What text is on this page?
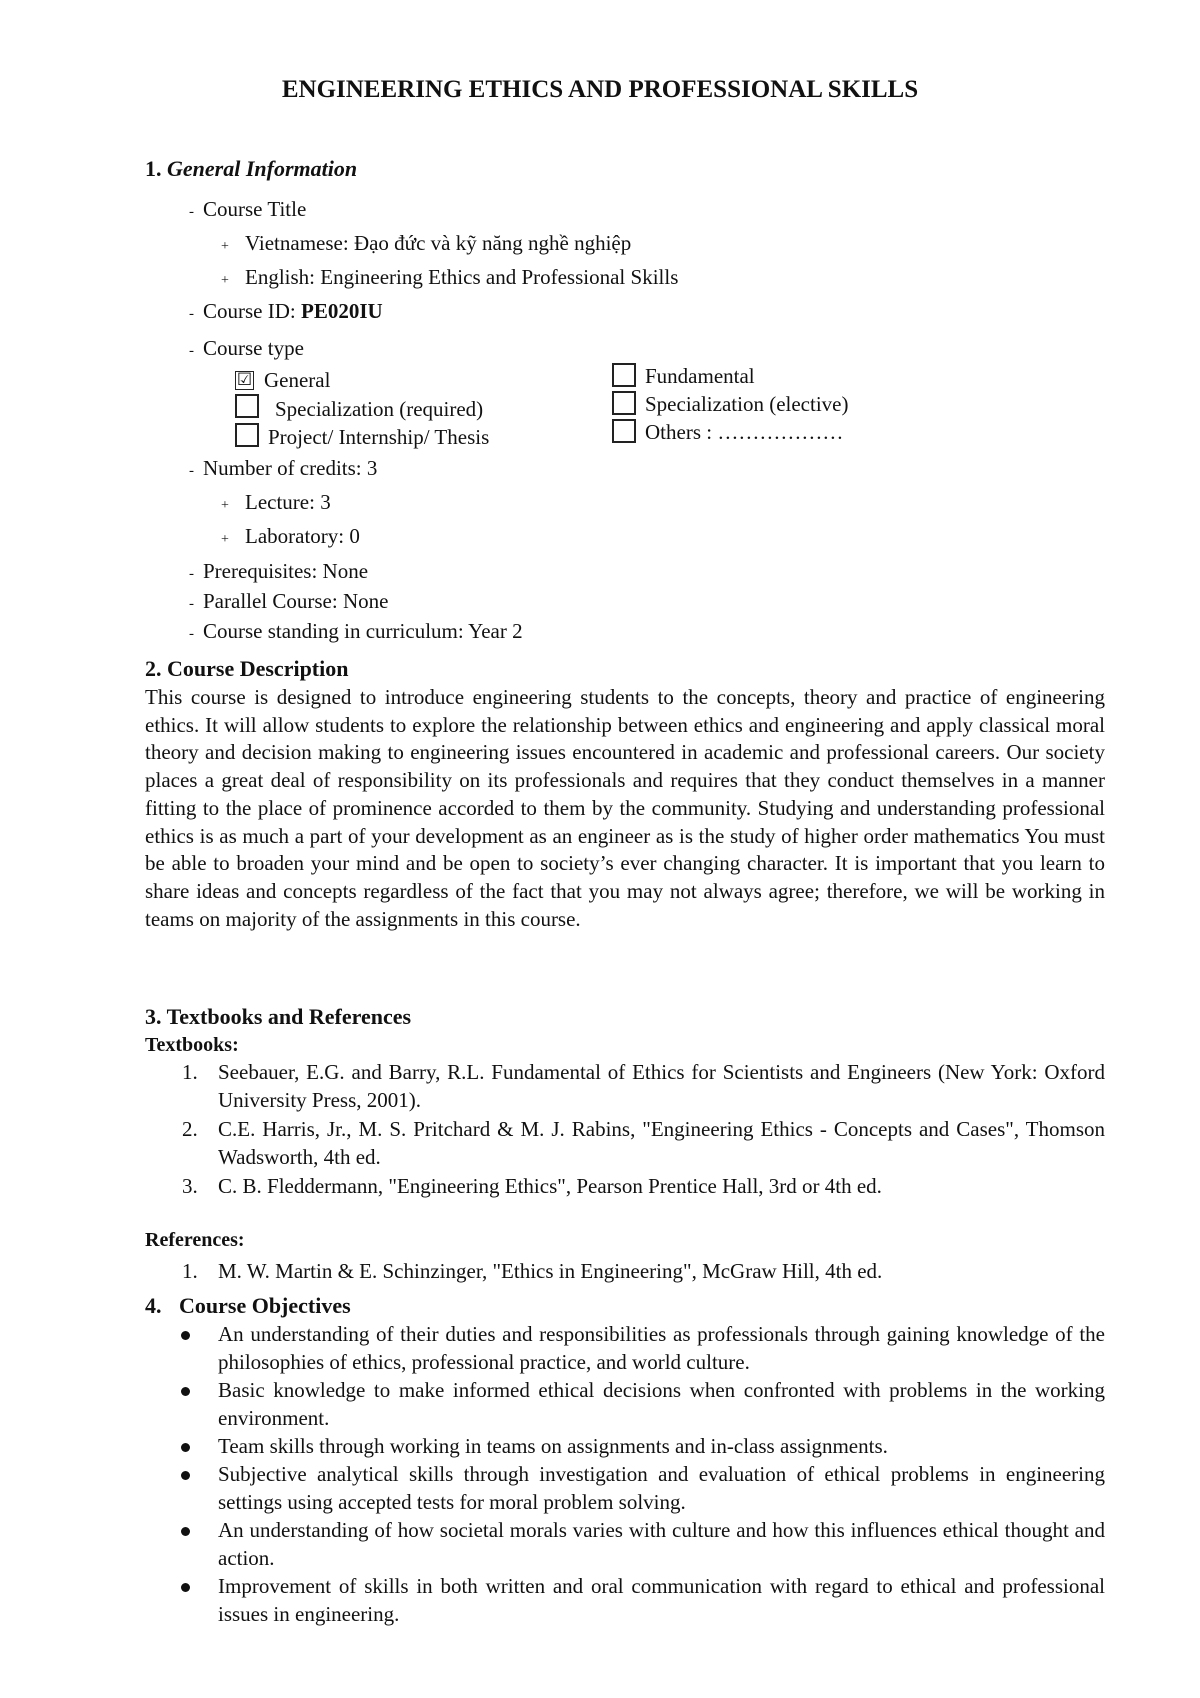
ENGINEERING ETHICS AND PROFESSIONAL SKILLS
1. General Information
- Course Title
+ Vietnamese: Đạo đức và kỹ năng nghề nghiệp
+ English: Engineering Ethics and Professional Skills
- Course ID: PE020IU
- Course type
☑ General
Specialization (required)
Project/ Internship/ Thesis
Fundamental
Specialization (elective)
Others : ………………
- Number of credits: 3
+ Lecture: 3
+ Laboratory: 0
- Prerequisites: None
- Parallel Course: None
- Course standing in curriculum: Year 2
2. Course Description
This course is designed to introduce engineering students to the concepts, theory and practice of engineering ethics. It will allow students to explore the relationship between ethics and engineering and apply classical moral theory and decision making to engineering issues encountered in academic and professional careers. Our society places a great deal of responsibility on its professionals and requires that they conduct themselves in a manner fitting to the place of prominence accorded to them by the community. Studying and understanding professional ethics is as much a part of your development as an engineer as is the study of higher order mathematics You must be able to broaden your mind and be open to society’s ever changing character. It is important that you learn to share ideas and concepts regardless of the fact that you may not always agree; therefore, we will be working in teams on majority of the assignments in this course.
3. Textbooks and References
Textbooks:
1. Seebauer, E.G. and Barry, R.L. Fundamental of Ethics for Scientists and Engineers (New York: Oxford University Press, 2001).
2. C.E. Harris, Jr., M. S. Pritchard & M. J. Rabins, "Engineering Ethics - Concepts and Cases", Thomson Wadsworth, 4th ed.
3. C. B. Fleddermann, "Engineering Ethics", Pearson Prentice Hall, 3rd or 4th ed.
References:
1. M. W. Martin & E. Schinzinger, "Ethics in Engineering", McGraw Hill, 4th ed.
4. Course Objectives
An understanding of their duties and responsibilities as professionals through gaining knowledge of the philosophies of ethics, professional practice, and world culture.
Basic knowledge to make informed ethical decisions when confronted with problems in the working environment.
Team skills through working in teams on assignments and in-class assignments.
Subjective analytical skills through investigation and evaluation of ethical problems in engineering settings using accepted tests for moral problem solving.
An understanding of how societal morals varies with culture and how this influences ethical thought and action.
Improvement of skills in both written and oral communication with regard to ethical and professional issues in engineering.
